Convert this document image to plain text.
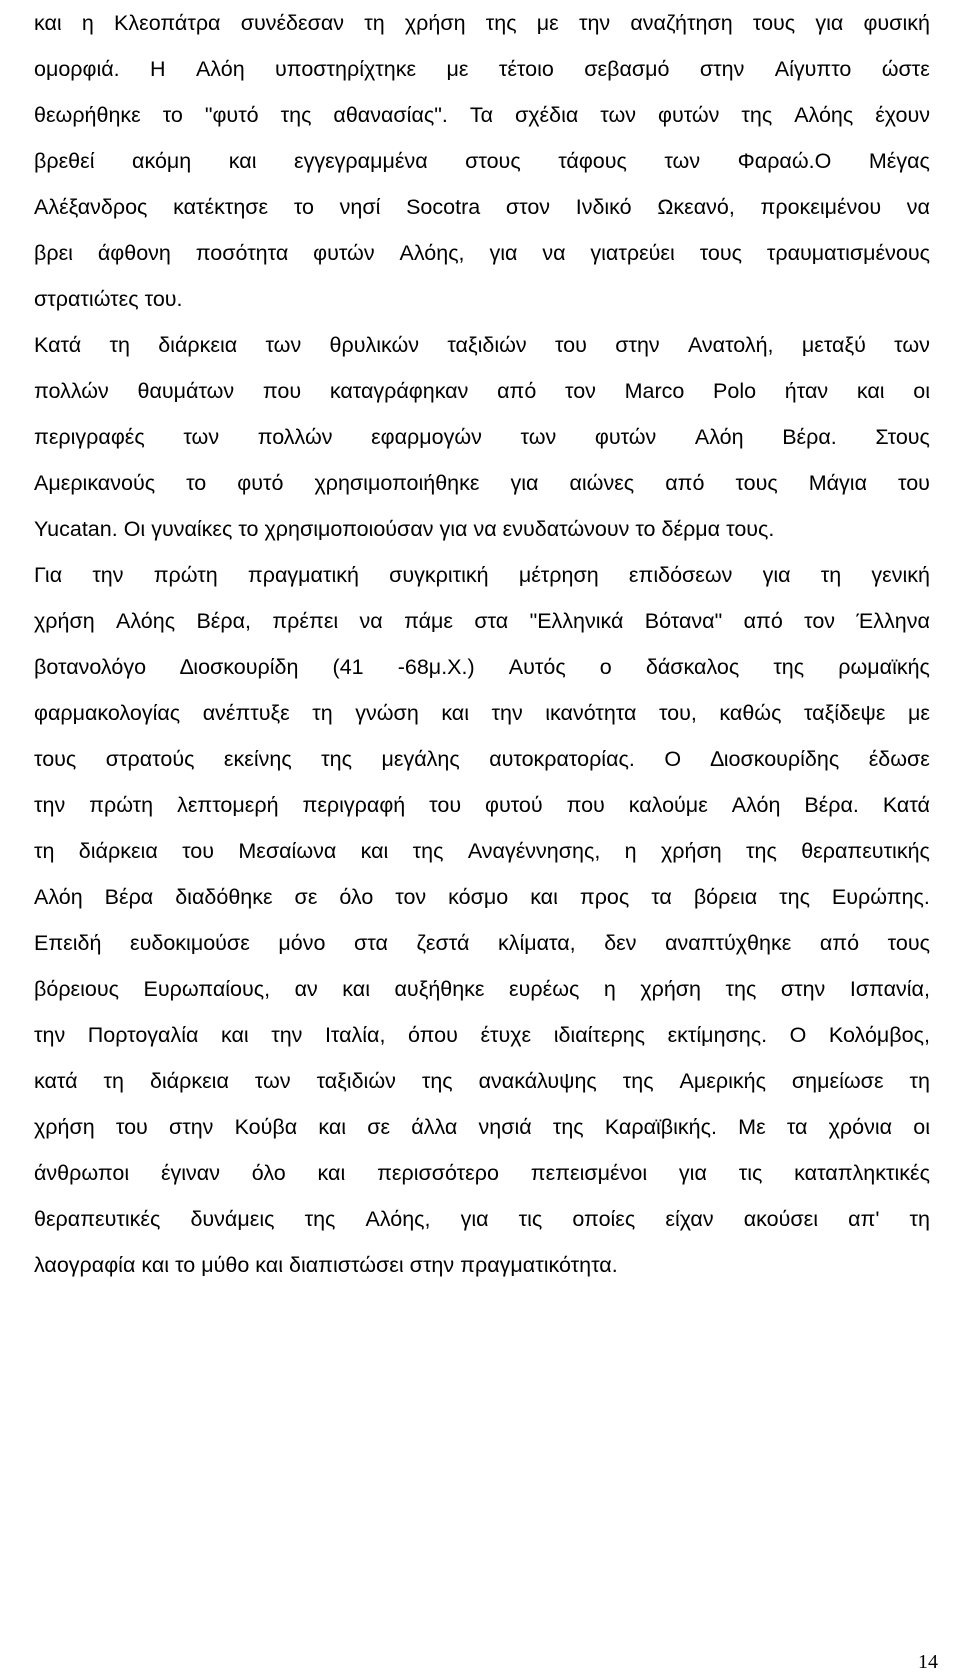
και η Κλεοπάτρα συνέδεσαν τη χρήση της με την αναζήτηση τους για φυσική
ομορφιά. Η Αλόη υποστηρίχτηκε με τέτοιο σεβασμό στην Αίγυπτο ώστε
θεωρήθηκε το "φυτό της αθανασίας". Τα σχέδια των φυτών της Αλόης έχουν
βρεθεί ακόμη και εγγεγραμμένα στους τάφους των Φαραώ.Ο Μέγας
Αλέξανδρος κατέκτησε το νησί Socotra στον Ινδικό Ωκεανό, προκειμένου να
βρει άφθονη ποσότητα φυτών Αλόης, για να γιατρεύει τους τραυματισμένους
στρατιώτες του.
Κατά τη διάρκεια των θρυλικών ταξιδιών του στην Ανατολή, μεταξύ των
πολλών θαυμάτων που καταγράφηκαν από τον Marco Polo ήταν και οι
περιγραφές των πολλών εφαρμογών των φυτών Αλόη Βέρα. Στους
Αμερικανούς το φυτό χρησιμοποιήθηκε για αιώνες από τους Μάγια του
Yucatan. Οι γυναίκες το χρησιμοποιούσαν για να ενυδατώνουν το δέρμα τους.
Για την πρώτη πραγματική συγκριτική μέτρηση επιδόσεων για τη γενική
χρήση Αλόης Βέρα, πρέπει να πάμε στα "Ελληνικά Βότανα" από τον Έλληνα
βοτανολόγο ∆ιοσκουρίδη (41 -68μ.Χ.) Αυτός ο δάσκαλος της ρωμαϊκής
φαρμακολογίας ανέπτυξε τη γνώση και την ικανότητα του, καθώς ταξίδεψε με
τους στρατούς εκείνης της μεγάλης αυτοκρατορίας. Ο ∆ιοσκουρίδης έδωσε
την πρώτη λεπτομερή περιγραφή του φυτού που καλούμε Αλόη Βέρα. Κατά
τη διάρκεια του Μεσαίωνα και της Αναγέννησης, η χρήση της θεραπευτικής
Αλόη Βέρα διαδόθηκε σε όλο τον κόσμο και προς τα βόρεια της Ευρώπης.
Επειδή ευδοκιμούσε μόνο στα ζεστά κλίματα, δεν αναπτύχθηκε από τους
βόρειους Ευρωπαίους, αν και αυξήθηκε ευρέως η χρήση της στην Ισπανία,
την Πορτογαλία και την Ιταλία, όπου έτυχε ιδιαίτερης εκτίμησης. Ο Κολόμβος,
κατά τη διάρκεια των ταξιδιών της ανακάλυψης της Αμερικής σημείωσε τη
χρήση του στην Κούβα και σε άλλα νησιά της Καραϊβικής. Με τα χρόνια οι
άνθρωποι έγιναν όλο και περισσότερο πεπεισμένοι για τις καταπληκτικές
θεραπευτικές δυνάμεις της Αλόης, για τις οποίες είχαν ακούσει απ' τη
λαογραφία και το μύθο και διαπιστώσει στην πραγματικότητα.
14
